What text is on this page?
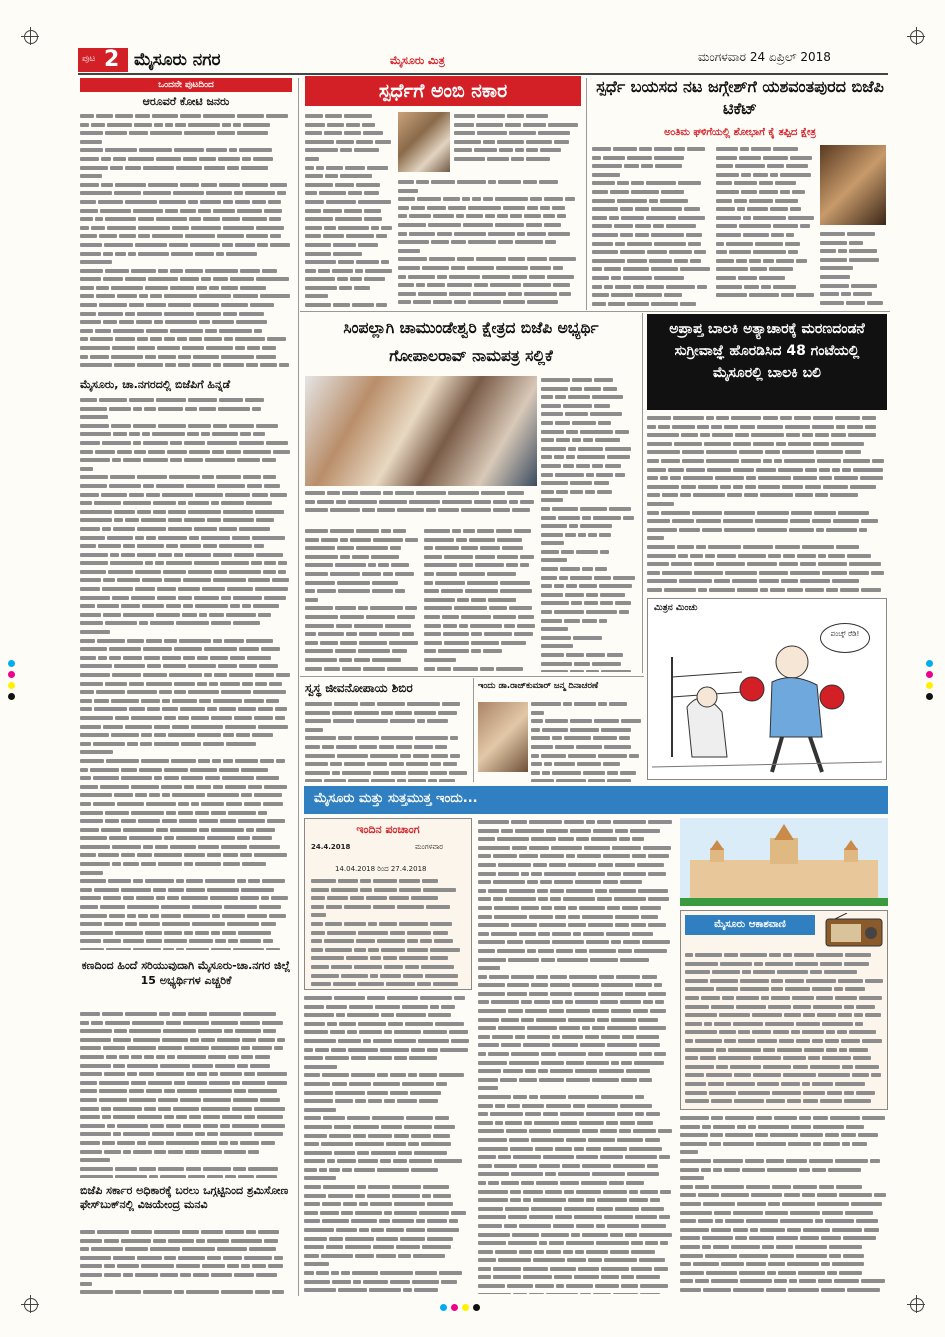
ಪುಟ 2 ಮೈಸೂರು ನಗರ	ಮೈಸೂರು ಮಿತ್ರ	ಮಂಗಳವಾರ 24 ಏಪ್ರಿಲ್ 2018
ಒಂದನೇ ಪುಟದಿಂದ
ಆರೂವರೆ ಕೋಟಿ ಜನರು

ಮೈಸೂರು, ಚಾ.ನಗರದಲ್ಲಿ ಬಿಜೆಪಿಗೆ ಹಿನ್ನಡೆ

ಕಣದಿಂದ ಹಿಂದೆ ಸರಿಯುವುದಾಗಿ ಮೈಸೂರು-ಚಾ.ನಗರ ಜಿಲ್ಲೆ 15 ಅಭ್ಯರ್ಥಿಗಳ ಎಚ್ಚರಿಕೆ

ಬಿಜೆಪಿ ಸರ್ಕಾರ ಅಧಿಕಾರಕ್ಕೆ ಬರಲು ಒಗ್ಗಟ್ಟಿನಿಂದ ಶ್ರಮಿಸೋಣ ಫೇಸ್‌ಬುಕ್‌ನಲ್ಲಿ ವಿಜಯೇಂದ್ರ ಮನವಿ

ಸ್ಪರ್ಧೆಗೆ ಅಂಬಿ ನಕಾರ	ಸ್ಪರ್ಧೆ ಬಯಸದ ನಟ ಜಗ್ಗೇಶ್‌ಗೆ ಯಶವಂತಪುರದ ಬಿಜೆಪಿ ಟಿಕೆಟ್
ಅಂತಿಮ ಘಳಿಗೆಯಲ್ಲಿ ಶೋಭಾಗೆ ಕೈ ತಪ್ಪಿದ ಕ್ಷೇತ್ರ

ಸಿಂಪಲ್ಲಾಗಿ ಚಾಮುಂಡೇಶ್ವರಿ ಕ್ಷೇತ್ರದ ಬಿಜೆಪಿ ಅಭ್ಯರ್ಥಿ ಗೋಪಾಲರಾವ್ ನಾಮಪತ್ರ ಸಲ್ಲಿಕೆ

ಅಪ್ರಾಪ್ತ ಬಾಲಕಿ ಅತ್ಯಾಚಾರಕ್ಕೆ ಮರಣದಂಡನೆ ಸುಗ್ರೀವಾಜ್ಞೆ ಹೊರಡಿಸಿದ 48 ಗಂಟೆಯಲ್ಲಿ ಮೈಸೂರಲ್ಲಿ ಬಾಲಕಿ ಬಲಿ

ಮಿತ್ರನ ಮಿಂಚು
ಪಂಚ್ಕ್ ರೆಡಿ!
ಸ್ವಸ್ಥ ಜೀವನೋಪಾಯ ಶಿಬಿರ	ಇಂದು ಡಾ.ರಾಜ್‌ಕುಮಾರ್ ಜನ್ಮ ದಿನಾಚರಣೆ

ಮೈಸೂರು ಮತ್ತು ಸುತ್ತಮುತ್ತ ಇಂದು...
ಇಂದಿನ ಪಂಚಾಂಗ
24.4.2018	ಮಂಗಳವಾರ
14.04.2018 ರಿಂದ 27.4.2018

ಮೈಸೂರು ಆಕಾಶವಾಣಿ
